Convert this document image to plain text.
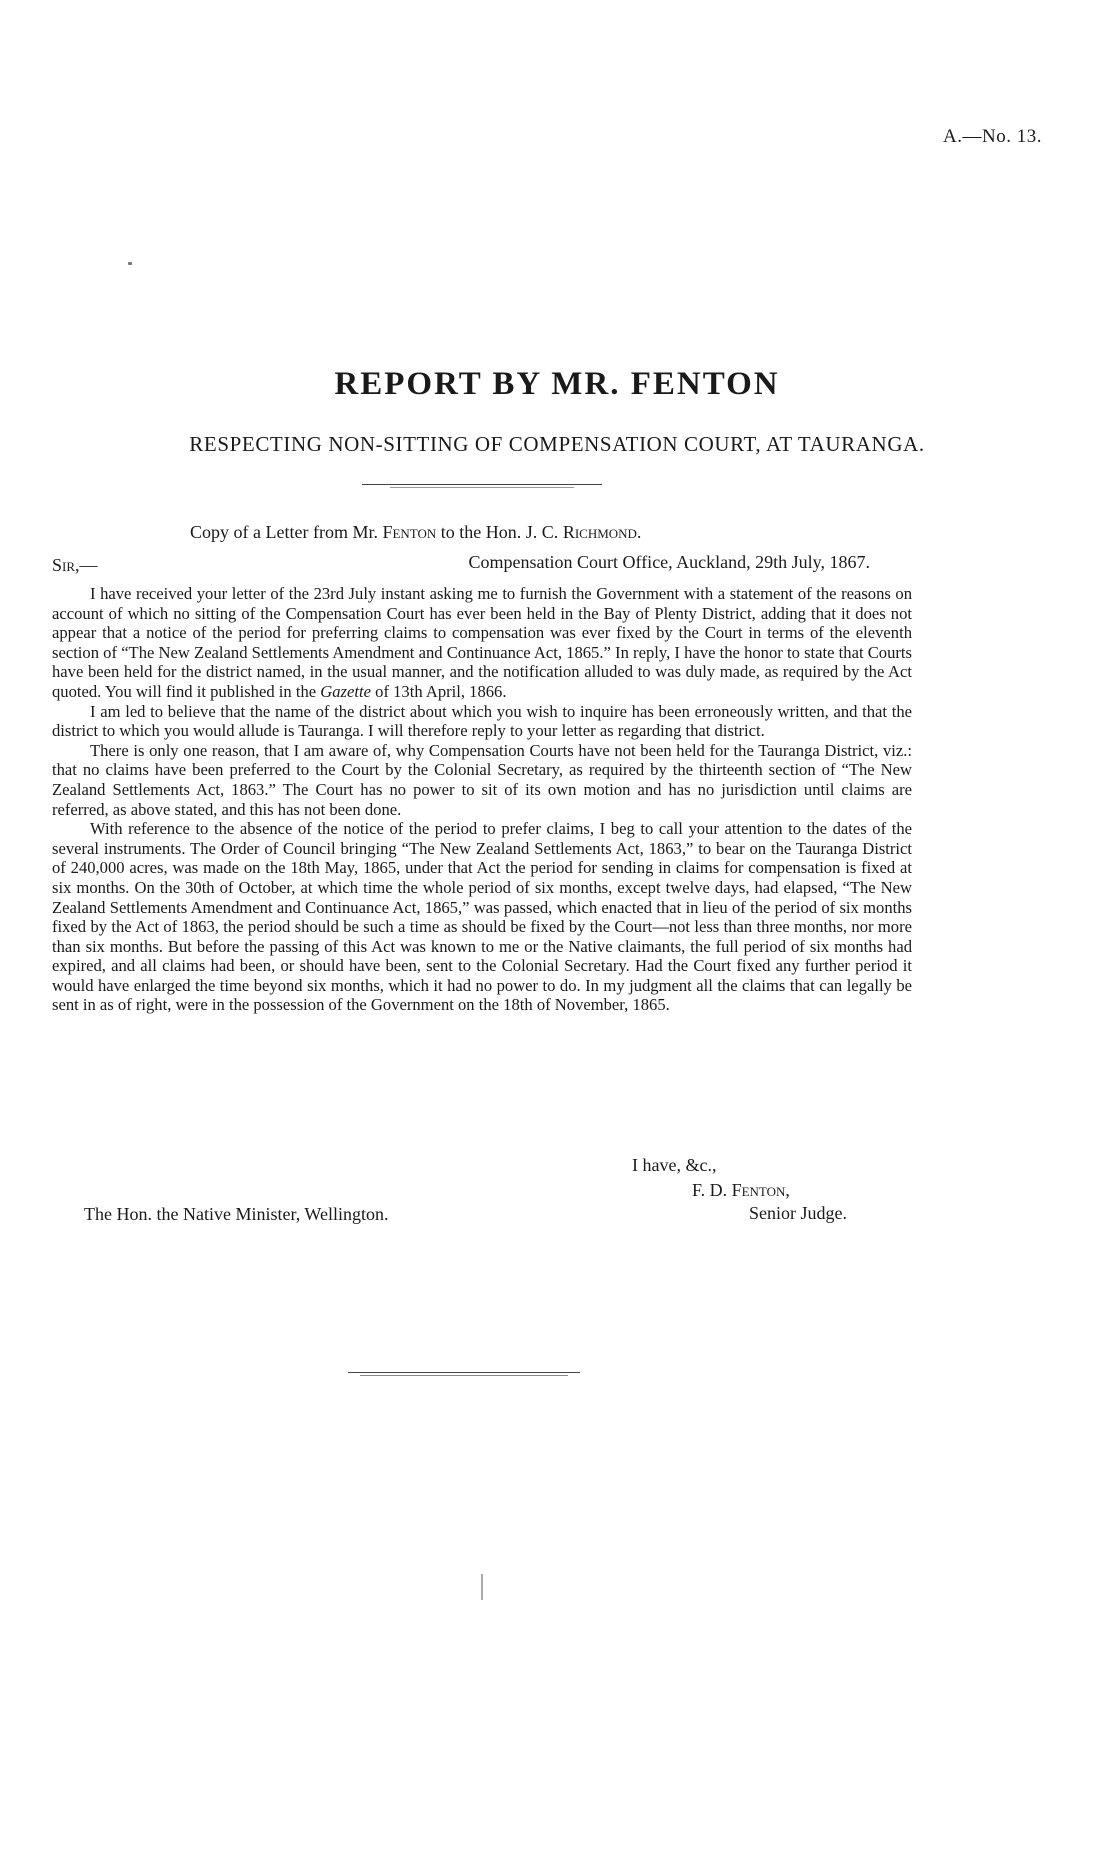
A.—No. 13.
REPORT BY MR. FENTON
RESPECTING NON-SITTING OF COMPENSATION COURT, AT TAURANGA.
Copy of a Letter from Mr. Fenton to the Hon. J. C. Richmond.
Sir,—	Compensation Court Office, Auckland, 29th July, 1867.

I have received your letter of the 23rd July instant asking me to furnish the Government with a statement of the reasons on account of which no sitting of the Compensation Court has ever been held in the Bay of Plenty District, adding that it does not appear that a notice of the period for preferring claims to compensation was ever fixed by the Court in terms of the eleventh section of “The New Zealand Settlements Amendment and Continuance Act, 1865.” In reply, I have the honor to state that Courts have been held for the district named, in the usual manner, and the notification alluded to was duly made, as required by the Act quoted. You will find it published in the Gazette of 13th April, 1866.

I am led to believe that the name of the district about which you wish to inquire has been erroneously written, and that the district to which you would allude is Tauranga. I will therefore reply to your letter as regarding that district.

There is only one reason, that I am aware of, why Compensation Courts have not been held for the Tauranga District, viz.: that no claims have been preferred to the Court by the Colonial Secretary, as required by the thirteenth section of “The New Zealand Settlements Act, 1863.” The Court has no power to sit of its own motion and has no jurisdiction until claims are referred, as above stated, and this has not been done.

With reference to the absence of the notice of the period to prefer claims, I beg to call your attention to the dates of the several instruments. The Order of Council bringing “The New Zealand Settlements Act, 1863,” to bear on the Tauranga District of 240,000 acres, was made on the 18th May, 1865, under that Act the period for sending in claims for compensation is fixed at six months. On the 30th of October, at which time the whole period of six months, except twelve days, had elapsed, “The New Zealand Settlements Amendment and Continuance Act, 1865,” was passed, which enacted that in lieu of the period of six months fixed by the Act of 1863, the period should be such a time as should be fixed by the Court—not less than three months, nor more than six months. But before the passing of this Act was known to me or the Native claimants, the full period of six months had expired, and all claims had been, or should have been, sent to the Colonial Secretary. Had the Court fixed any further period it would have enlarged the time beyond six months, which it had no power to do. In my judgment all the claims that can legally be sent in as of right, were in the possession of the Government on the 18th of November, 1865.

I have, &c.,
F. D. Fenton,
Senior Judge.
The Hon. the Native Minister, Wellington.
